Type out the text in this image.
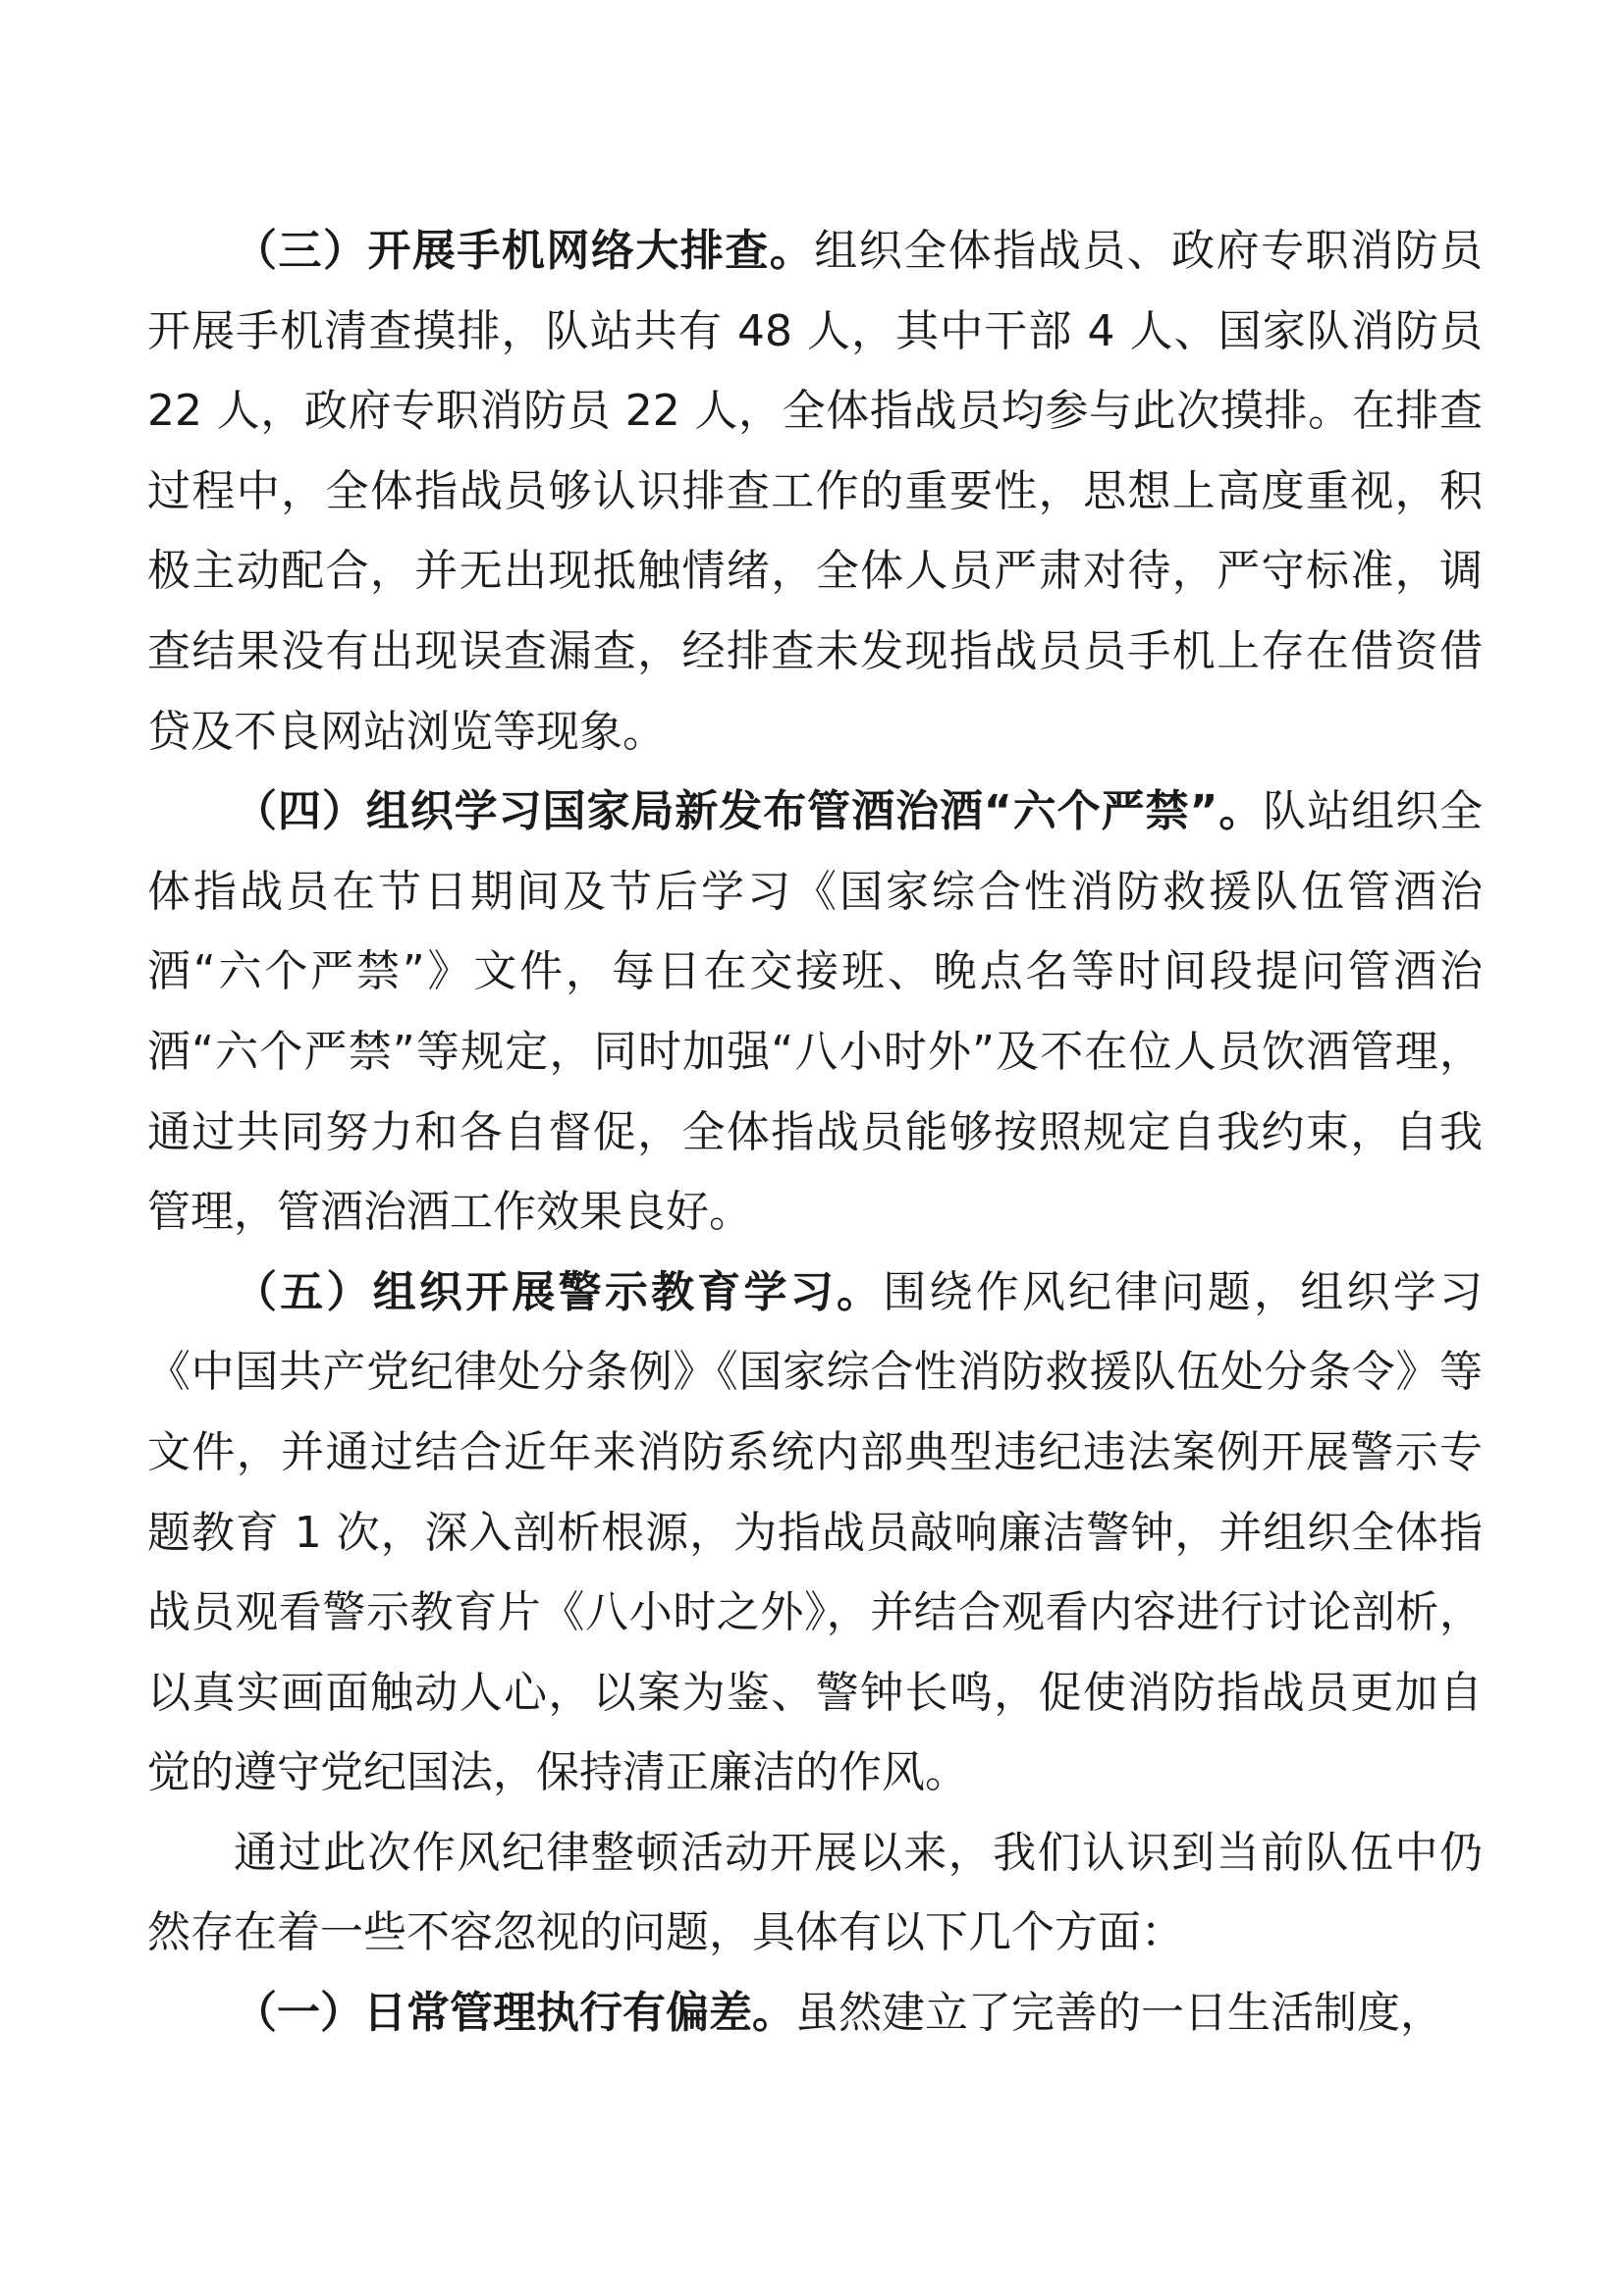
（三）开展手机网络大排查。组织全体指战员、政府专职消防员开展手机清查摸排，队站共有 48 人，其中干部 4 人、国家队消防员 22 人，政府专职消防员 22 人，全体指战员均参与此次摸排。在排查过程中，全体指战员够认识排查工作的重要性，思想上高度重视，积极主动配合，并无出现抵触情绪，全体人员严肃对待，严守标准，调查结果没有出现误查漏查，经排查未发现指战员员手机上存在借资借贷及不良网站浏览等现象。

（四）组织学习国家局新发布管酒治酒“六个严禁”。队站组织全体指战员在节日期间及节后学习《国家综合性消防救援队伍管酒治酒“六个严禁”》文件，每日在交接班、晚点名等时间段提问管酒治酒“六个严禁”等规定，同时加强“八小时外”及不在位人员饮酒管理，通过共同努力和各自督促，全体指战员能够按照规定自我约束，自我管理，管酒治酒工作效果良好。

（五）组织开展警示教育学习。围绕作风纪律问题，组织学习《中国共产党纪律处分条例》《国家综合性消防救援队伍处分条令》等文件，并通过结合近年来消防系统内部典型违纪违法案例开展警示专题教育 1 次，深入剖析根源，为指战员敲响廉洁警钟，并组织全体指战员观看警示教育片《八小时之外》，并结合观看内容进行讨论剖析，以真实画面触动人心，以案为鉴、警钟长鸣，促使消防指战员更加自觉的遵守党纪国法，保持清正廉洁的作风。

通过此次作风纪律整顿活动开展以来，我们认识到当前队伍中仍然存在着一些不容忽视的问题，具体有以下几个方面：

（一）日常管理执行有偏差。虽然建立了完善的一日生活制度，
